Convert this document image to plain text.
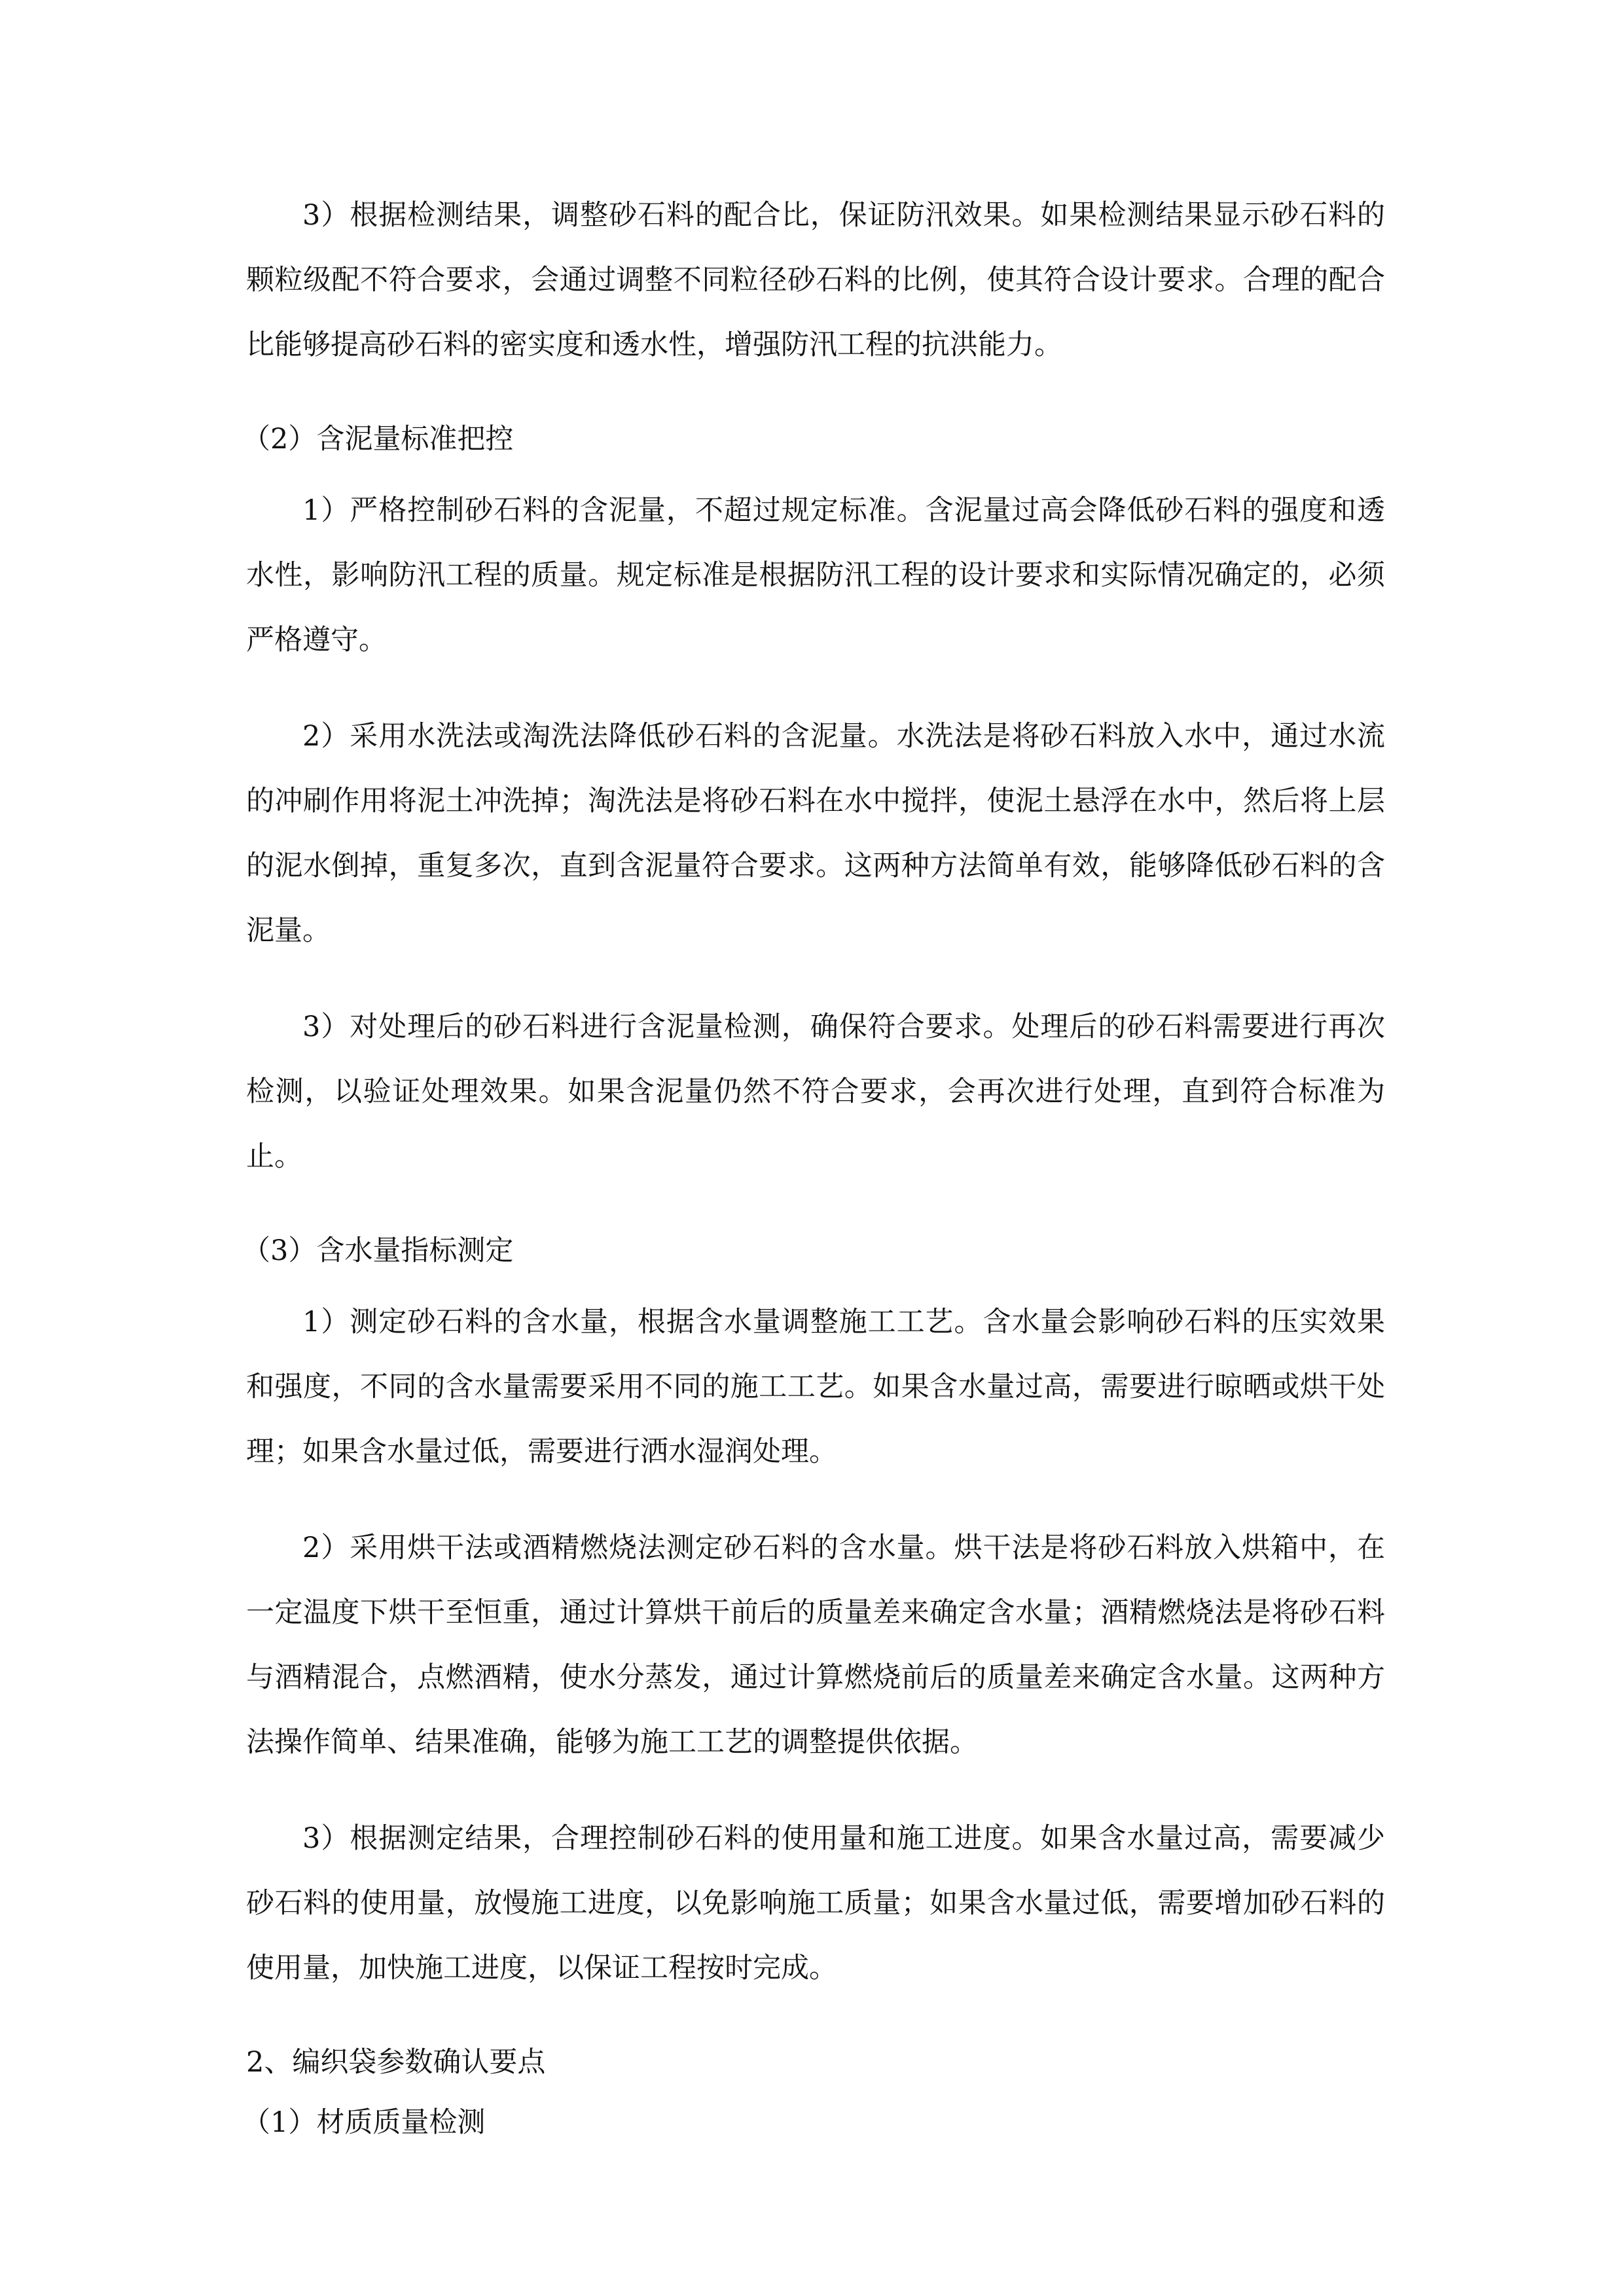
3）根据检测结果，调整砂石料的配合比，保证防汛效果。如果检测结果显示砂石料的颗粒级配不符合要求，会通过调整不同粒径砂石料的比例，使其符合设计要求。合理的配合比能够提高砂石料的密实度和透水性，增强防汛工程的抗洪能力。

（2）含泥量标准把控

1）严格控制砂石料的含泥量，不超过规定标准。含泥量过高会降低砂石料的强度和透水性，影响防汛工程的质量。规定标准是根据防汛工程的设计要求和实际情况确定的，必须严格遵守。

2）采用水洗法或淘洗法降低砂石料的含泥量。水洗法是将砂石料放入水中，通过水流的冲刷作用将泥土冲洗掉；淘洗法是将砂石料在水中搅拌，使泥土悬浮在水中，然后将上层的泥水倒掉，重复多次，直到含泥量符合要求。这两种方法简单有效，能够降低砂石料的含泥量。

3）对处理后的砂石料进行含泥量检测，确保符合要求。处理后的砂石料需要进行再次检测，以验证处理效果。如果含泥量仍然不符合要求，会再次进行处理，直到符合标准为止。

（3）含水量指标测定

1）测定砂石料的含水量，根据含水量调整施工工艺。含水量会影响砂石料的压实效果和强度，不同的含水量需要采用不同的施工工艺。如果含水量过高，需要进行晾晒或烘干处理；如果含水量过低，需要进行洒水湿润处理。

2）采用烘干法或酒精燃烧法测定砂石料的含水量。烘干法是将砂石料放入烘箱中，在一定温度下烘干至恒重，通过计算烘干前后的质量差来确定含水量；酒精燃烧法是将砂石料与酒精混合，点燃酒精，使水分蒸发，通过计算燃烧前后的质量差来确定含水量。这两种方法操作简单、结果准确，能够为施工工艺的调整提供依据。

3）根据测定结果，合理控制砂石料的使用量和施工进度。如果含水量过高，需要减少砂石料的使用量，放慢施工进度，以免影响施工质量；如果含水量过低，需要增加砂石料的使用量，加快施工进度，以保证工程按时完成。

2、编织袋参数确认要点

（1）材质质量检测
